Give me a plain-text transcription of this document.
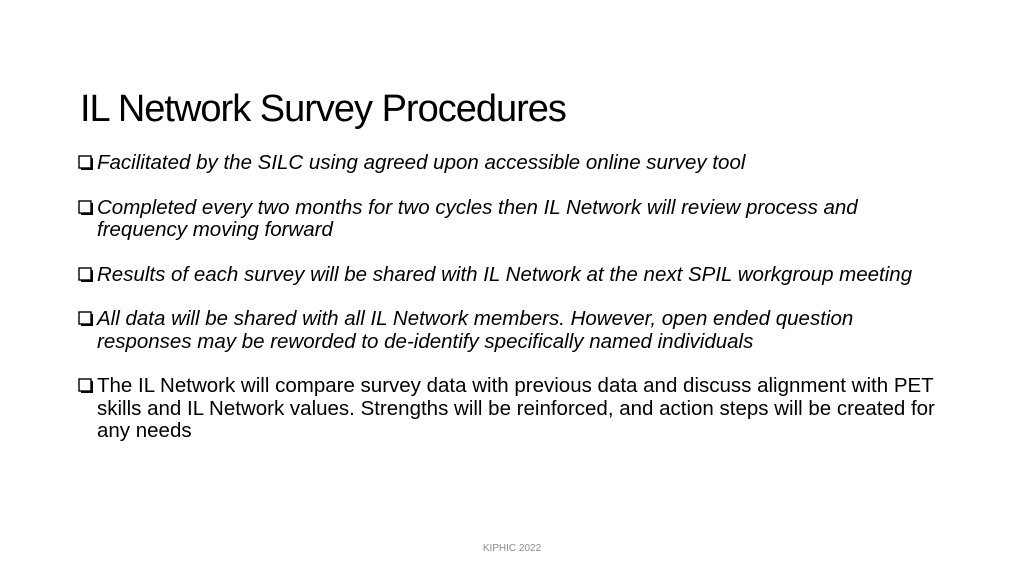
IL Network Survey Procedures
Facilitated by the SILC using agreed upon accessible online survey tool
Completed every two months for two cycles then IL Network will review process and frequency moving forward
Results of each survey will be shared with IL Network at the next SPIL workgroup meeting
All data will be shared with all IL Network members. However, open ended question responses may be reworded to de-identify specifically named individuals
The IL Network will compare survey data with previous data and discuss alignment with PET skills and IL Network values. Strengths will be reinforced, and action steps will be created for any needs
KIPHIC 2022
